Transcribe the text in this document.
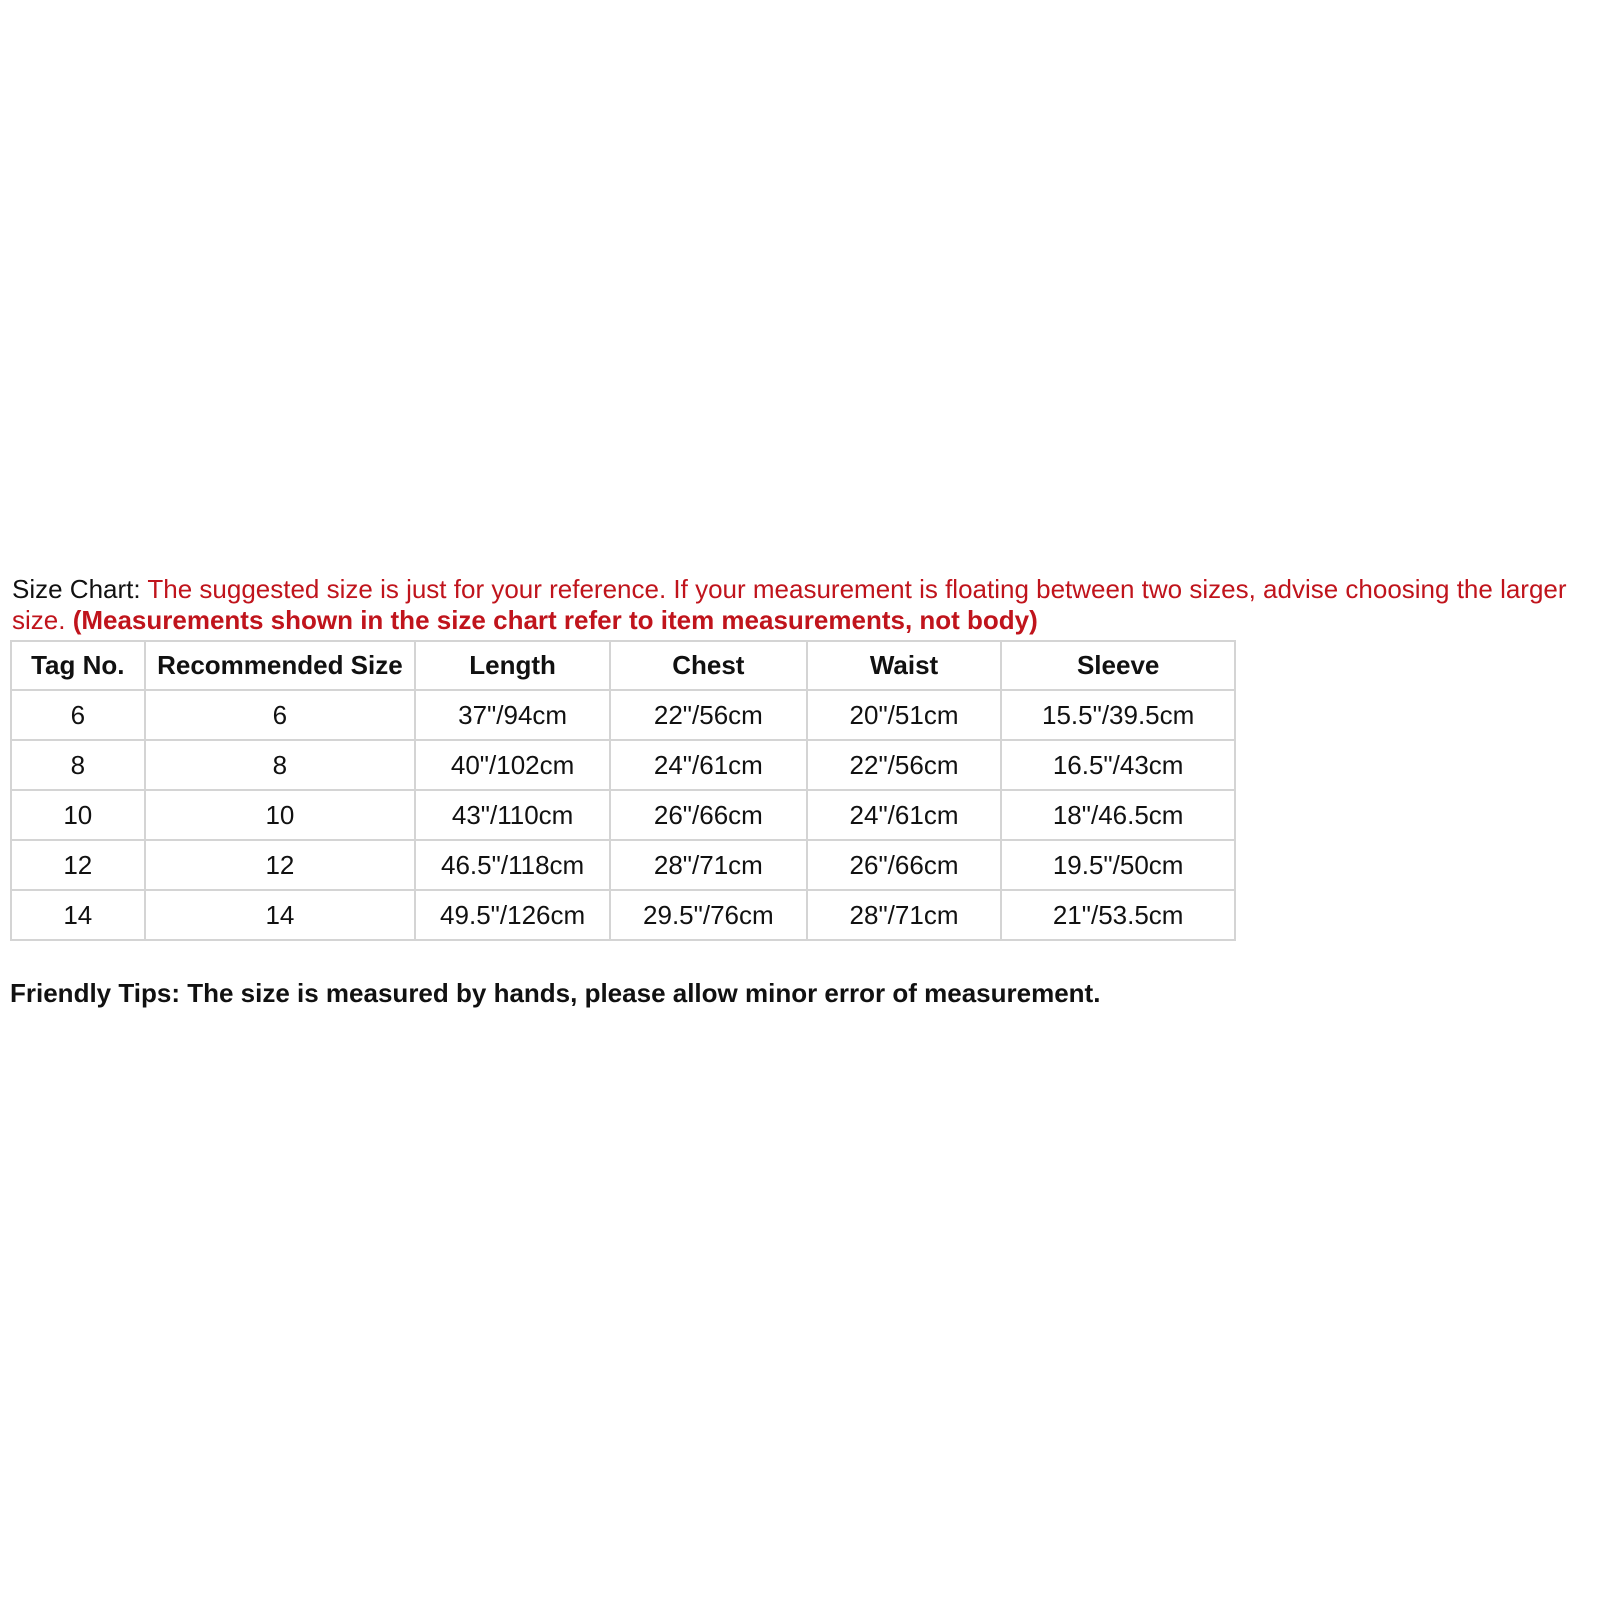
Size Chart: The suggested size is just for your reference. If your measurement is floating between two sizes, advise choosing the larger size. (Measurements shown in the size chart refer to item measurements, not body)

Tag No.	Recommended Size	Length	Chest	Waist	Sleeve
6	6	37"/94cm	22"/56cm	20"/51cm	15.5"/39.5cm
8	8	40"/102cm	24"/61cm	22"/56cm	16.5"/43cm
10	10	43"/110cm	26"/66cm	24"/61cm	18"/46.5cm
12	12	46.5"/118cm	28"/71cm	26"/66cm	19.5"/50cm
14	14	49.5"/126cm	29.5"/76cm	28"/71cm	21"/53.5cm

Friendly Tips: The size is measured by hands, please allow minor error of measurement.
